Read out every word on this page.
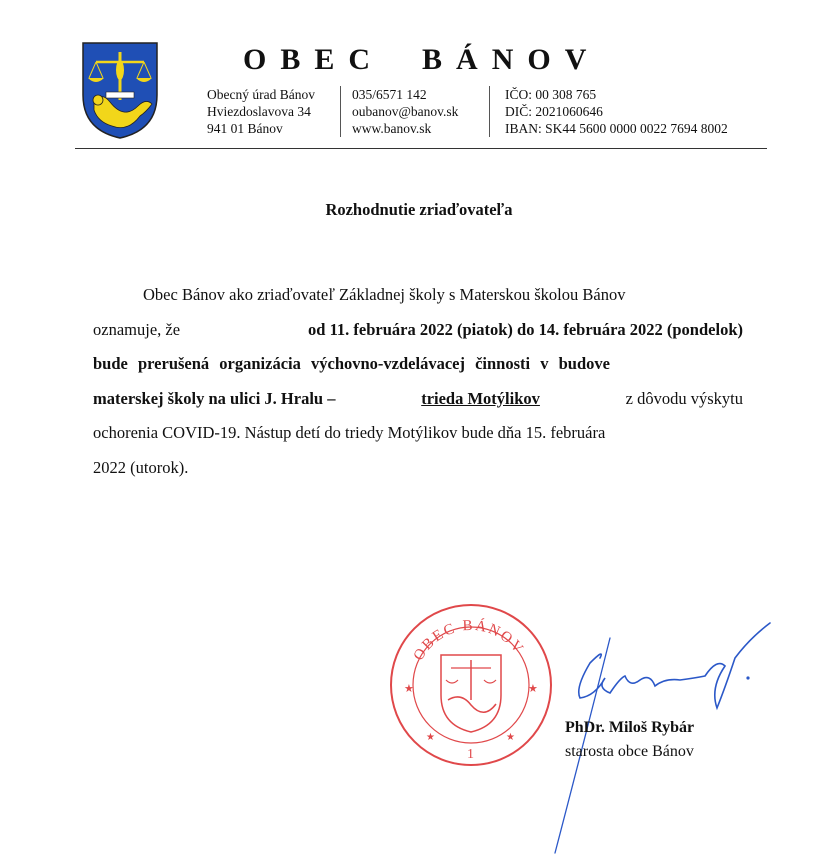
OBEC BÁNOV
Obecný úrad Bánov
Hviezdoslavova 34
941 01 Bánov
035/6571 142
oubanov@banov.sk
www.banov.sk
IČO: 00 308 765
DIČ: 2021060646
IBAN: SK44 5600 0000 0022 7694 8002
Rozhodnutie zriaďovateľa
Obec Bánov ako zriaďovateľ Základnej školy s Materskou školou Bánov
oznamuje, že	od 11. februára 2022 (piatok) do 14. februára 2022 (pondelok)
bude prerušená organizácia výchovno-vzdelávacej činnosti v budove
materskej školy na ulici J. Hralu –	trieda Motýlikov	z dôvodu výskytu
ochorenia COVID-19. Nástup detí do triedy Motýlikov bude dňa 15. februára
2022 (utorok).
OBEC BÁNOV
★	★
★	★
1
PhDr. Miloš Rybár
starosta obce Bánov
